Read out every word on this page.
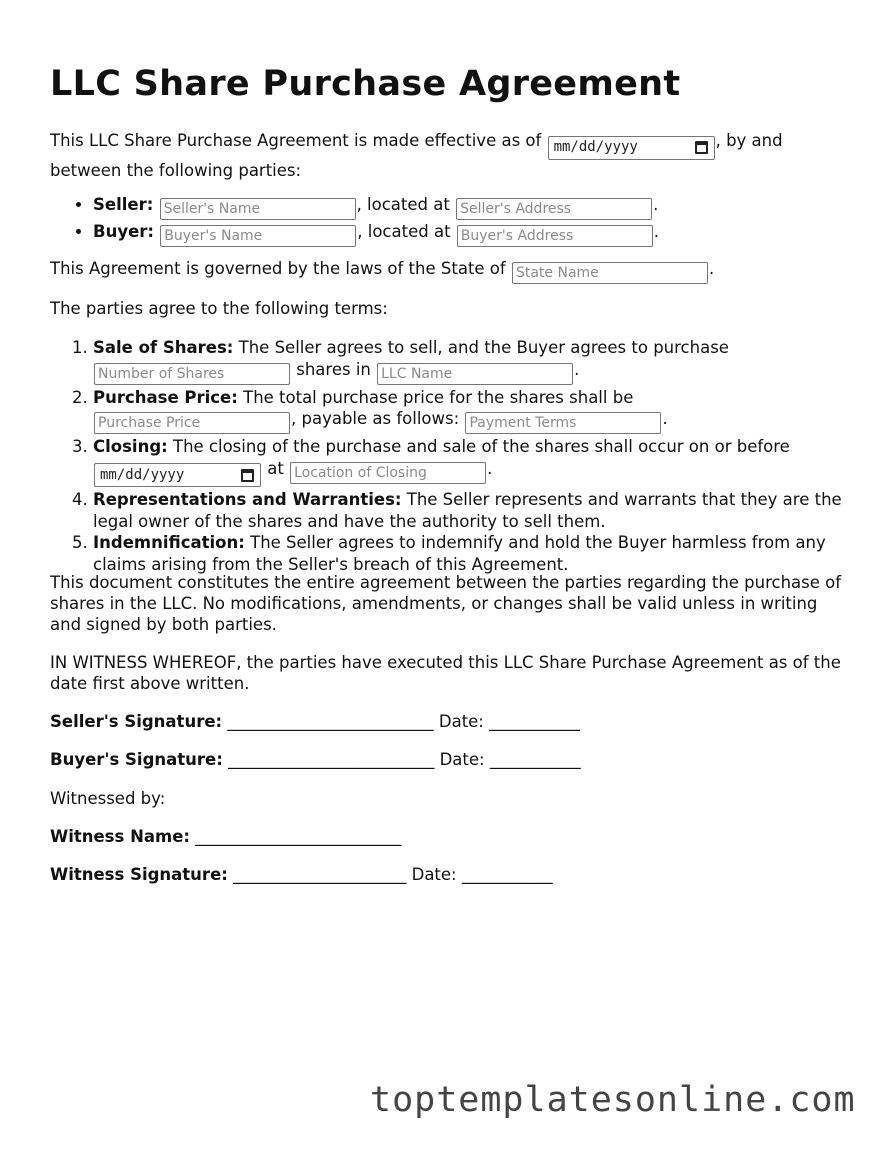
LLC Share Purchase Agreement

This LLC Share Purchase Agreement is made effective as of mm/dd/yyyy	, by and between the following parties:

• Seller: Seller's Name	, located at Seller's Address	.
• Buyer: Buyer's Name	, located at Buyer's Address	.

This Agreement is governed by the laws of the State of State Name	.

The parties agree to the following terms:

1. Sale of Shares: The Seller agrees to sell, and the Buyer agrees to purchase
Number of Shares shares in LLC Name	.
2. Purchase Price: The total purchase price for the shares shall be
Purchase Price, payable as follows: Payment Terms	.
3. Closing: The closing of the purchase and sale of the shares shall occur on or before

mm/dd/yyyy	at Location of Closing	.
4. Representations and Warranties: The Seller represents and warrants that they are the legal owner of the shares and have the authority to sell them.
5. Indemnification: The Seller agrees to indemnify and hold the Buyer harmless from any claims arising from the Seller's breach of this Agreement.

This document constitutes the entire agreement between the parties regarding the purchase of shares in the LLC. No modifications, amendments, or changes shall be valid unless in writing and signed by both parties.

IN WITNESS WHEREOF, the parties have executed this LLC Share Purchase Agreement as of the date first above written.

Seller's Signature: _________________________ Date: ___________
Buyer's Signature: _________________________ Date: ___________
Witnessed by:
Witness Name: _________________________
Witness Signature: _____________________ Date: ___________
toptemplatesonline.com
